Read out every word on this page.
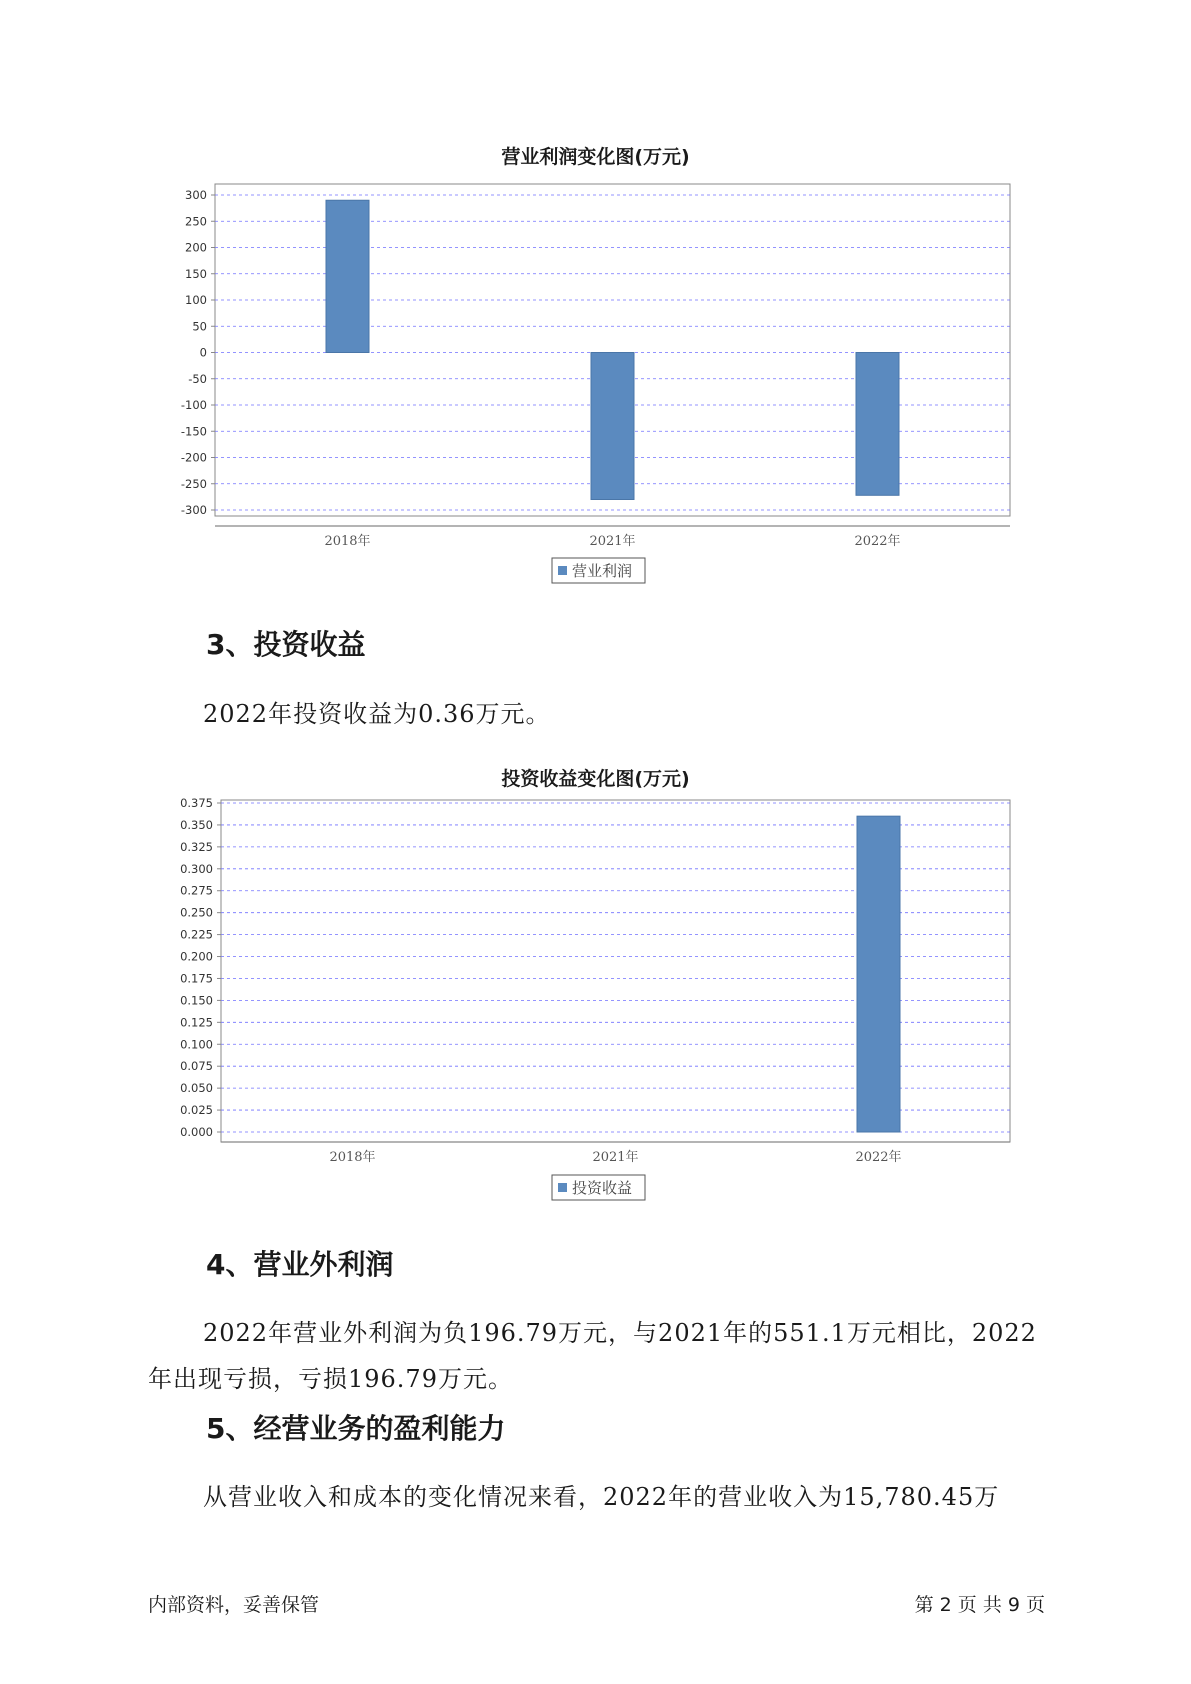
营业利润变化图(万元)
300
250
200
150
100
50
0
-50
-100
-150
-200
-250
-300
2018年	2021年	2022年
营业利润
3、投资收益

2022年投资收益为0.36万元。

投资收益变化图(万元)
0.375
0.350
0.325
0.300
0.275
0.250
0.225
0.200
0.175
0.150
0.125
0.100
0.075
0.050
0.025
0.000
2018年	2021年	2022年
投资收益
4、营业外利润

2022年营业外利润为负196.79万元，与2021年的551.1万元相比，2022

年出现亏损，亏损196.79万元。

5、经营业务的盈利能力

从营业收入和成本的变化情况来看，2022年的营业收入为15,780.45万

内部资料，妥善保管	第 2 页 共 9 页
